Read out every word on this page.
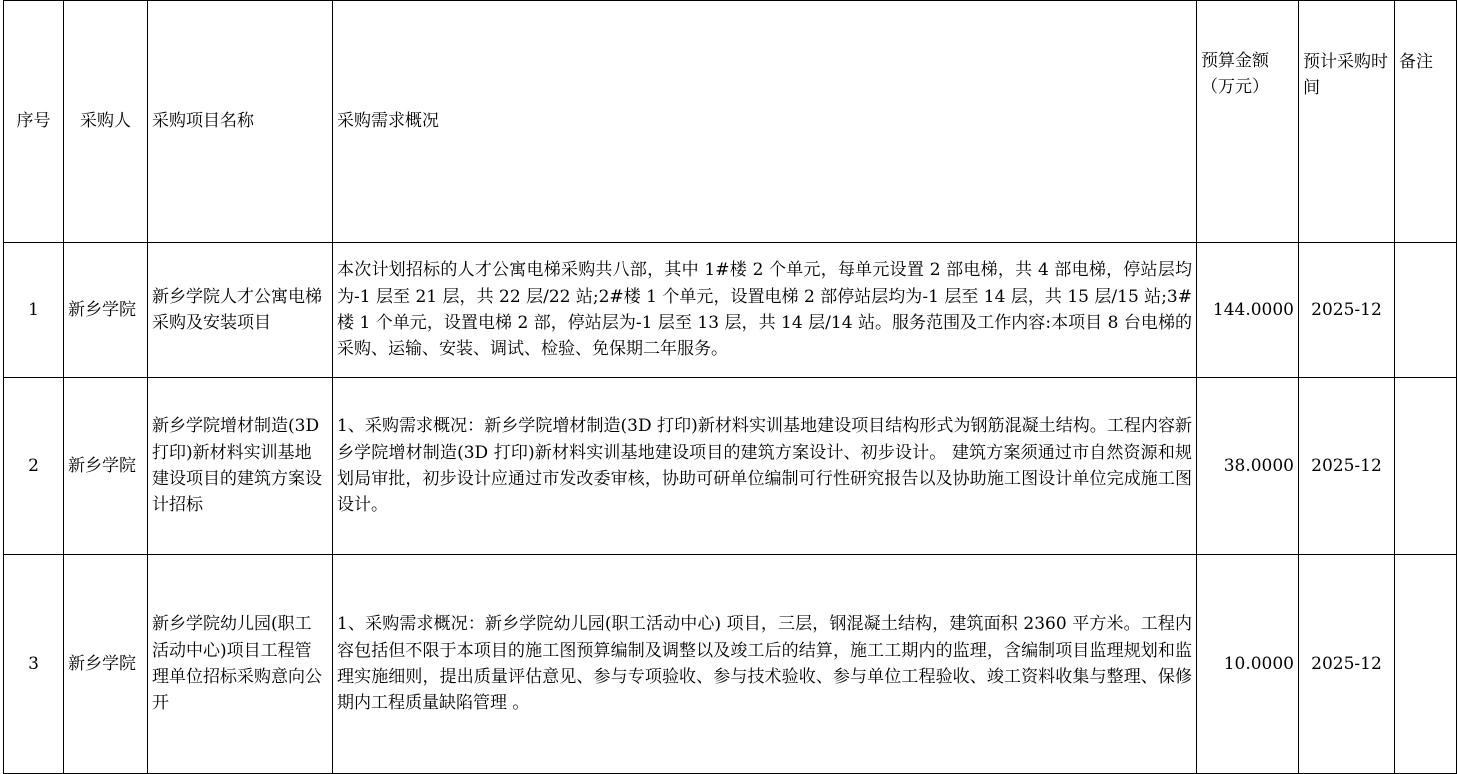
序号	采购人	采购项目名称	采购需求概况	预算金额（万元）	预计采购时间	备注
1	新乡学院	新乡学院人才公寓电梯采购及安装项目	本次计划招标的人才公寓电梯采购共八部，其中 1#楼 2 个单元，每单元设置 2 部电梯，共 4 部电梯，停站层均为-1 层至 21 层，共 22 层/22 站;2#楼 1 个单元，设置电梯 2 部停站层均为-1 层至 14 层，共 15 层/15 站;3#楼 1 个单元，设置电梯 2 部，停站层为-1 层至 13 层，共 14 层/14 站。服务范围及工作内容:本项目 8 台电梯的采购、运输、安装、调试、检验、免保期二年服务。	144.0000	2025-12	
2	新乡学院	新乡学院增材制造(3D 打印)新材料实训基地建设项目的建筑方案设计招标	1、采购需求概况：新乡学院增材制造(3D 打印)新材料实训基地建设项目结构形式为钢筋混凝土结构。工程内容新乡学院增材制造(3D 打印)新材料实训基地建设项目的建筑方案设计、初步设计。 建筑方案须通过市自然资源和规划局审批，初步设计应通过市发改委审核，协助可研单位编制可行性研究报告以及协助施工图设计单位完成施工图设计。	38.0000	2025-12	
3	新乡学院	新乡学院幼儿园(职工活动中心)项目工程管理单位招标采购意向公开	1、采购需求概况：新乡学院幼儿园(职工活动中心) 项目，三层，钢混凝土结构，建筑面积 2360 平方米。工程内容包括但不限于本项目的施工图预算编制及调整以及竣工后的结算，施工工期内的监理，含编制项目监理规划和监理实施细则，提出质量评估意见、参与专项验收、参与技术验收、参与单位工程验收、竣工资料收集与整理、保修期内工程质量缺陷管理 。	10.0000	2025-12	
